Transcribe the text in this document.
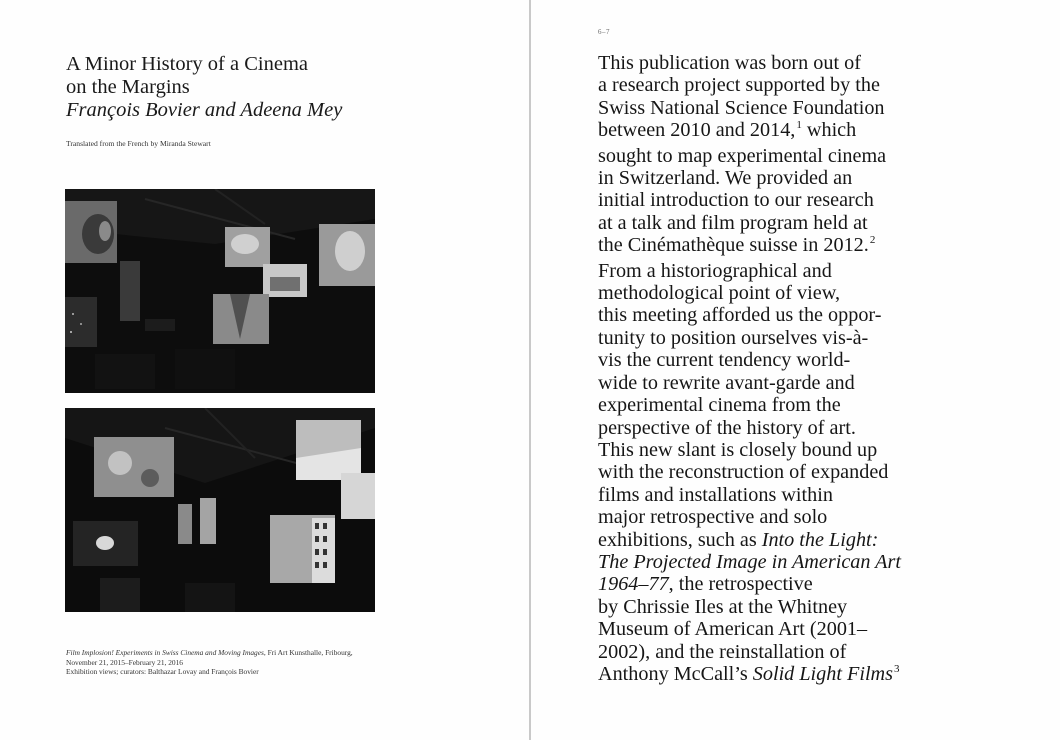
A Minor History of a Cinema
on the Margins
François Bovier and Adeena Mey
Translated from the French by Miranda Stewart
Film Implosion! Experiments in Swiss Cinema and Moving Images, Fri Art Kunsthalle, Fribourg,
November 21, 2015–February 21, 2016
Exhibition views; curators: Balthazar Lovay and François Bovier
6–7
This publication was born out of
a research project supported by the
Swiss National Science Foundation
between 2010 and 2014,$^1$ which
sought to map experimental cinema
in Switzerland. We provided an
initial introduction to our research
at a talk and film program held at
the Cinémathèque suisse in 2012.$^2$
From a historiographical and
methodological point of view,
this meeting afforded us the oppor-
tunity to position ourselves vis-à-
vis the current tendency world-
wide to rewrite avant-garde and
experimental cinema from the
perspective of the history of art.
This new slant is closely bound up
with the reconstruction of expanded
films and installations within
major retrospective and solo
exhibitions, such as Into the Light:
The Projected Image in American Art
1964–77, the retrospective
by Chrissie Iles at the Whitney
Museum of American Art (2001–
2002), and the reinstallation of
Anthony McCall’s Solid Light Films$^3$
